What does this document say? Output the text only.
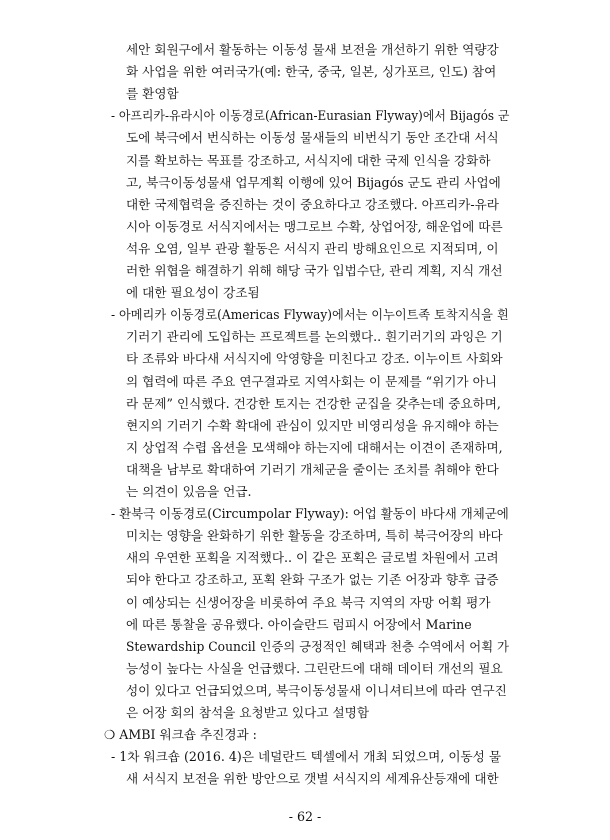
세안 회원구에서 활동하는 이동성 물새 보전을 개선하기 위한 역량강
화 사업을 위한 여러국가(예: 한국, 중국, 일본, 싱가포르, 인도) 참여
를 환영함
- 아프리카-유라시아 이동경로(African-Eurasian Flyway)에서 Bijagós 군
도에 북극에서 번식하는 이동성 물새들의 비번식기 동안 조간대 서식
지를 확보하는 목표를 강조하고, 서식지에 대한 국제 인식을 강화하
고, 북극이동성물새 업무계획 이행에 있어 Bijagós 군도 관리 사업에
대한 국제협력을 증진하는 것이 중요하다고 강조했다. 아프리카-유라
시아 이동경로 서식지에서는 맹그로브 수확, 상업어장, 해운업에 따른
석유 오염, 일부 관광 활동은 서식지 관리 방해요인으로 지적되며, 이
러한 위협을 해결하기 위해 해당 국가 입법수단, 관리 계획, 지식 개선
에 대한 필요성이 강조됨
- 아메리카 이동경로(Americas Flyway)에서는 이누이트족 토착지식을 흰
기러기 관리에 도입하는 프로젝트를 논의했다.. 흰기러기의 과잉은 기
타 조류와 바다새 서식지에 악영향을 미친다고 강조. 이누이트 사회와
의 협력에 따른 주요 연구결과로 지역사회는 이 문제를 “위기가 아니
라 문제” 인식했다. 건강한 토지는 건강한 군집을 갖추는데 중요하며,
현지의 기러기 수확 확대에 관심이 있지만 비영리성을 유지해야 하는
지 상업적 수렵 옵션을 모색해야 하는지에 대해서는 이견이 존재하며,
대책을 남부로 확대하여 기러기 개체군을 줄이는 조치를 취해야 한다
는 의견이 있음을 언급.
- 환북극 이동경로(Circumpolar Flyway): 어업 활동이 바다새 개체군에
미치는 영향을 완화하기 위한 활동을 강조하며, 특히 북극어장의 바다
새의 우연한 포획을 지적했다.. 이 같은 포획은 글로벌 차원에서 고려
되야 한다고 강조하고, 포획 완화 구조가 없는 기존 어장과 향후 급증
이 예상되는 신생어장을 비롯하여 주요 북극 지역의 자망 어획 평가
에 따른 통찰을 공유했다. 아이슬란드 럼피시 어장에서 Marine
Stewardship Council 인증의 긍정적인 혜택과 천층 수역에서 어획 가
능성이 높다는 사실을 언급했다. 그린란드에 대해 데이터 개선의 필요
성이 있다고 언급되었으며, 북극이동성물새 이니셔티브에 따라 연구진
은 어장 회의 참석을 요청받고 있다고 설명함
❍ AMBI 워크숍 추진경과 :
- 1차 워크숍 (2016. 4)은 네덜란드 텍셀에서 개최 되었으며, 이동성 물
새 서식지 보전을 위한 방안으로 갯벌 서식지의 세계유산등재에 대한
- 62 -
